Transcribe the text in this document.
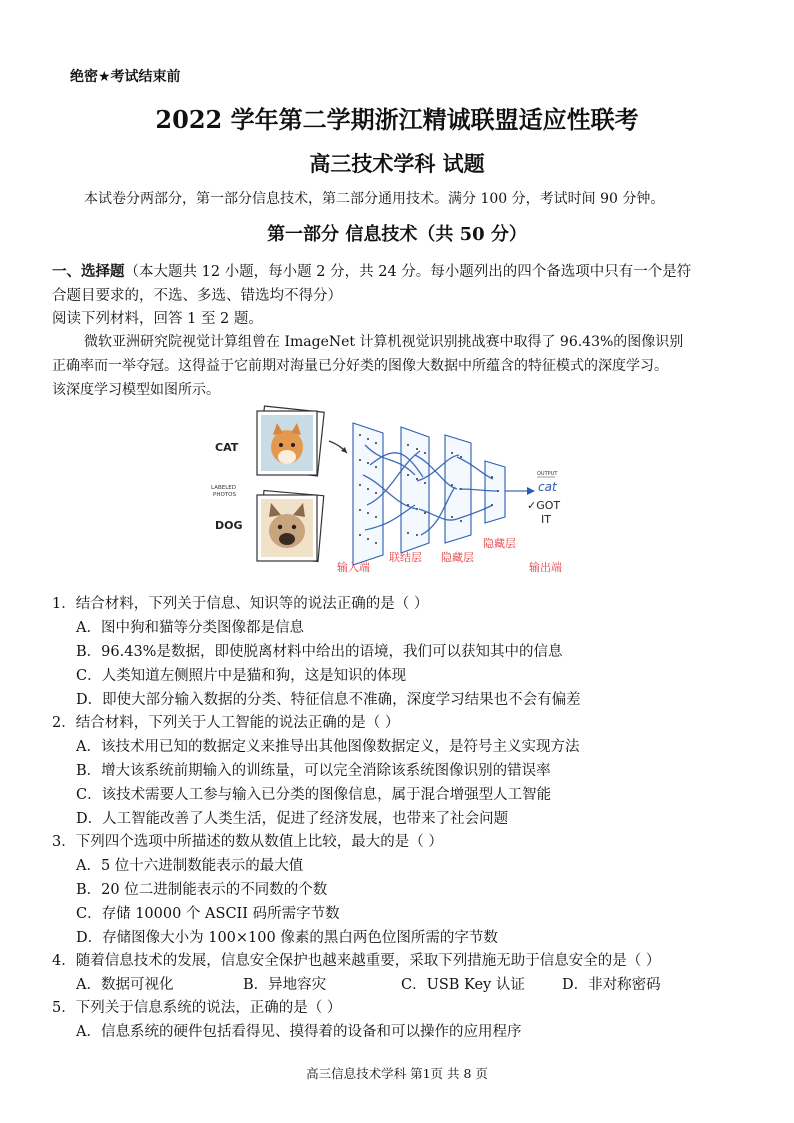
绝密★考试结束前
2022 学年第二学期浙江精诚联盟适应性联考
高三技术学科 试题
本试卷分两部分，第一部分信息技术，第二部分通用技术。满分 100 分，考试时间 90 分钟。
第一部分 信息技术（共 50 分）
一、选择题（本大题共 12 小题，每小题 2 分，共 24 分。每小题列出的四个备选项中只有一个是符
合题目要求的，不选、多选、错选均不得分）
阅读下列材料，回答 1 至 2 题。
微软亚洲研究院视觉计算组曾在 ImageNet 计算机视觉识别挑战赛中取得了 96.43%的图像识别
正确率而一举夺冠。这得益于它前期对海量已分好类的图像大数据中所蕴含的特征模式的深度学习。
该深度学习模型如图所示。
CAT
LABELED
PHOTOS
DOG
OUTPUT
cat
✓GOT
IT
输入端
联结层 隐藏层
隐藏层
输出端
1．结合材料，下列关于信息、知识等的说法正确的是（ ）
A．图中狗和猫等分类图像都是信息
B．96.43%是数据，即使脱离材料中给出的语境，我们可以获知其中的信息
C．人类知道左侧照片中是猫和狗，这是知识的体现
D．即使大部分输入数据的分类、特征信息不准确，深度学习结果也不会有偏差
2．结合材料，下列关于人工智能的说法正确的是（ ）
A．该技术用已知的数据定义来推导出其他图像数据定义，是符号主义实现方法
B．增大该系统前期输入的训练量，可以完全消除该系统图像识别的错误率
C．该技术需要人工参与输入已分类的图像信息，属于混合增强型人工智能
D．人工智能改善了人类生活，促进了经济发展，也带来了社会问题
3．下列四个选项中所描述的数从数值上比较，最大的是（ ）
A．5 位十六进制数能表示的最大值
B．20 位二进制能表示的不同数的个数
C．存储 10000 个 ASCII 码所需字节数
D．存储图像大小为 100×100 像素的黑白两色位图所需的字节数
4．随着信息技术的发展，信息安全保护也越来越重要，采取下列措施无助于信息安全的是（ ）
A．数据可视化	B．异地容灾	C．USB Key 认证	D．非对称密码
5．下列关于信息系统的说法，正确的是（ ）
A．信息系统的硬件包括看得见、摸得着的设备和可以操作的应用程序
高三信息技术学科 第1页 共 8 页
